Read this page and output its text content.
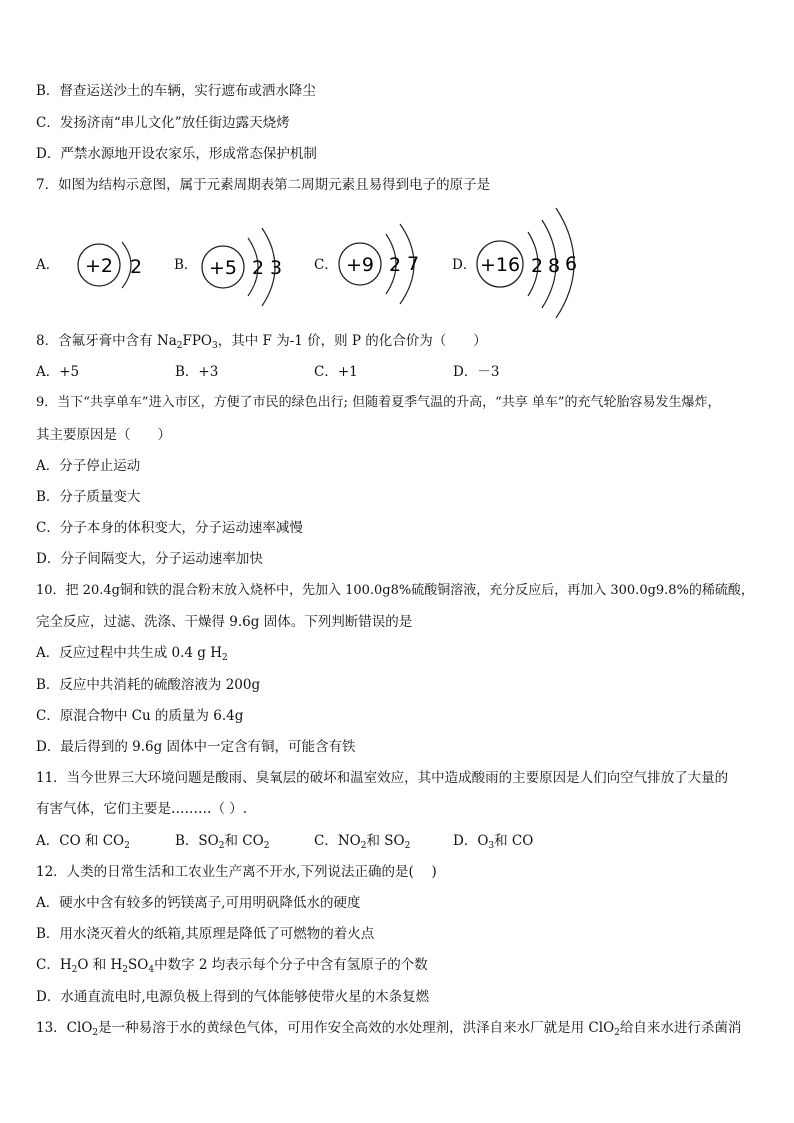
B．督查运送沙土的车辆，实行遮布或洒水降尘
C．发扬济南“串儿文化”放任街边露天烧烤
D．严禁水源地开设农家乐，形成常态保护机制
7．如图为结构示意图，属于元素周期表第二周期元素且易得到电子的原子是
A．	B．	C．	D．
+2 2	+5 2 3	+9 2 7	+16 2 8 6
8．含氟牙膏中含有 $Na_2FPO_3$，其中 F 为-1 价，则 P 的化合价为（　　）
A．+5	B．+3	C．+1	D．－3
9．当下“共享单车”进入市区，方便了市民的绿色出行; 但随着夏季气温的升高，“共享 单车”的充气轮胎容易发生爆炸，
其主要原因是（　　）
A．分子停止运动
B．分子质量变大
C．分子本身的体积变大，分子运动速率减慢
D．分子间隔变大，分子运动速率加快
10．把 20.4g铜和铁的混合粉末放入烧杯中，先加入 100.0g8%硫酸铜溶液，充分反应后，再加入 300.0g9.8%的稀硫酸，
完全反应，过滤、洗涤、干燥得 9.6g 固体。下列判断错误的是
A．反应过程中共生成 0.4 g $H_2$
B．反应中共消耗的硫酸溶液为 200g
C．原混合物中 Cu 的质量为 6.4g
D．最后得到的 9.6g 固体中一定含有铜，可能含有铁
11．当今世界三大环境问题是酸雨、臭氧层的破坏和温室效应，其中造成酸雨的主要原因是人们向空气排放了大量的
有害气体，它们主要是………（ ）.
A．CO 和 $CO_2$	B．$SO_2$和 $CO_2$	C．$NO_2$和 $SO_2$	D．$O_3$和 CO
12．人类的日常生活和工农业生产离不开水,下列说法正确的是(　 )
A．硬水中含有较多的钙镁离子,可用明矾降低水的硬度
B．用水浇灭着火的纸箱,其原理是降低了可燃物的着火点
C．$H_2O$ 和 $H_2SO_4$中数字 2 均表示每个分子中含有氢原子的个数
D．水通直流电时,电源负极上得到的气体能够使带火星的木条复燃
13．ClO$_2$是一种易溶于水的黄绿色气体，可用作安全高效的水处理剂，洪泽自来水厂就是用 ClO$_2$给自来水进行杀菌消
